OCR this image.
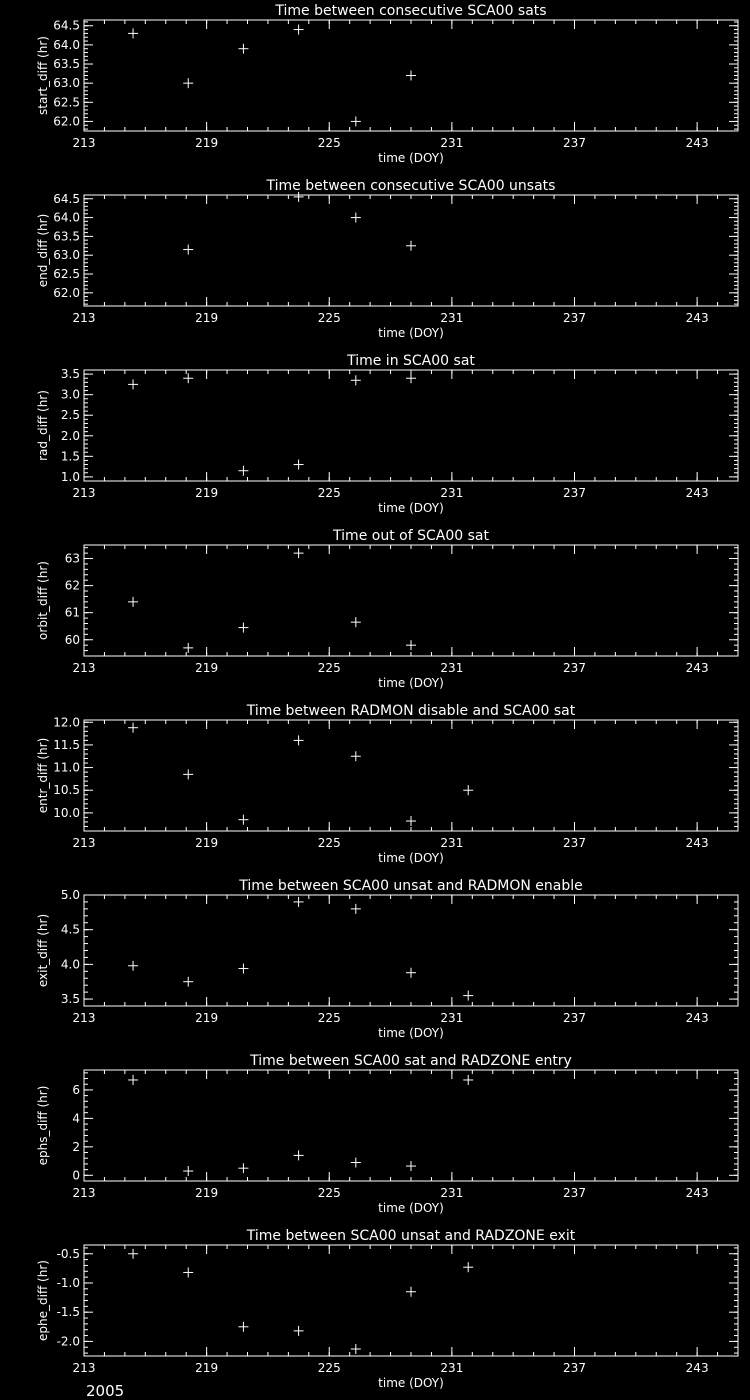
213	219	225	231	237	243
62.0
62.5
63.0
63.5
64.0
64.5
Time between consecutive SCA00 sats
time (DOY)
start_diff (hr)
213	219	225	231	237	243
62.0
62.5
63.0
63.5
64.0
64.5
Time between consecutive SCA00 unsats
time (DOY)
end_diff (hr)
213	219	225	231	237	243
1.0
1.5
2.0
2.5
3.0
3.5
Time in SCA00 sat
time (DOY)
rad_diff (hr)
213	219	225	231	237	243
60
61
62
63
Time out of SCA00 sat
time (DOY)
orbit_diff (hr)
213	219	225	231	237	243
10.0
10.5
11.0
11.5
12.0
Time between RADMON disable and SCA00 sat
time (DOY)
entr_diff (hr)
213	219	225	231	237	243
3.5
4.0
4.5
5.0
Time between SCA00 unsat and RADMON enable
time (DOY)
exit_diff (hr)
213	219	225	231	237	243
0
2
4
6
Time between SCA00 sat and RADZONE entry
time (DOY)
ephs_diff (hr)
213	219	225	231	237	243
-2.0
-1.5
-1.0
-0.5
Time between SCA00 unsat and RADZONE exit
time (DOY)
ephe_diff (hr)
2005
